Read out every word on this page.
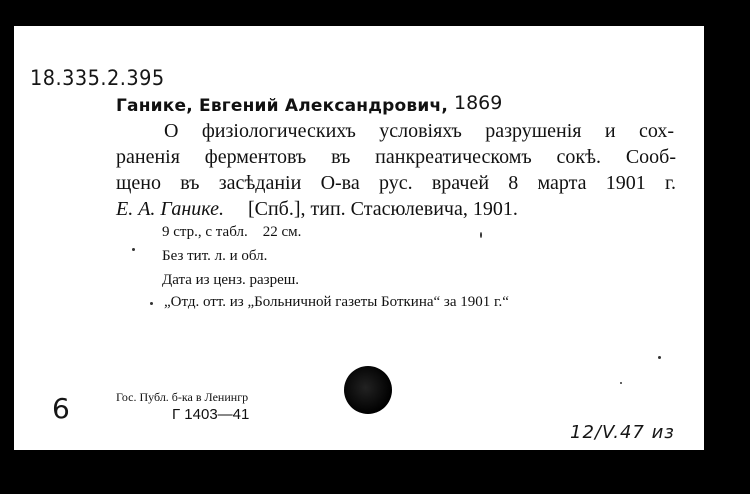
18.335.2.395
Ганике, Евгений Александрович, 1869
О физiологическихъ условiяхъ разрушенiя и сох-
раненiя ферментовъ въ панкреатическомъ сокѣ. Сооб-
щено въ засѣданiи О-ва рус. врачей 8 марта 1901 г.
Е. А. Ганике. [Спб.], тип. Стасюлевича, 1901.
9 стр., с табл. 22 см.
Без тит. л. и обл.
Дата из ценз. разреш.
„Отд. отт. из „Больничной газеты Боткина“ за 1901 г.“
Гос. Публ. б-ка в Ленингр
Г 1403—41
6
12/V.47 из
